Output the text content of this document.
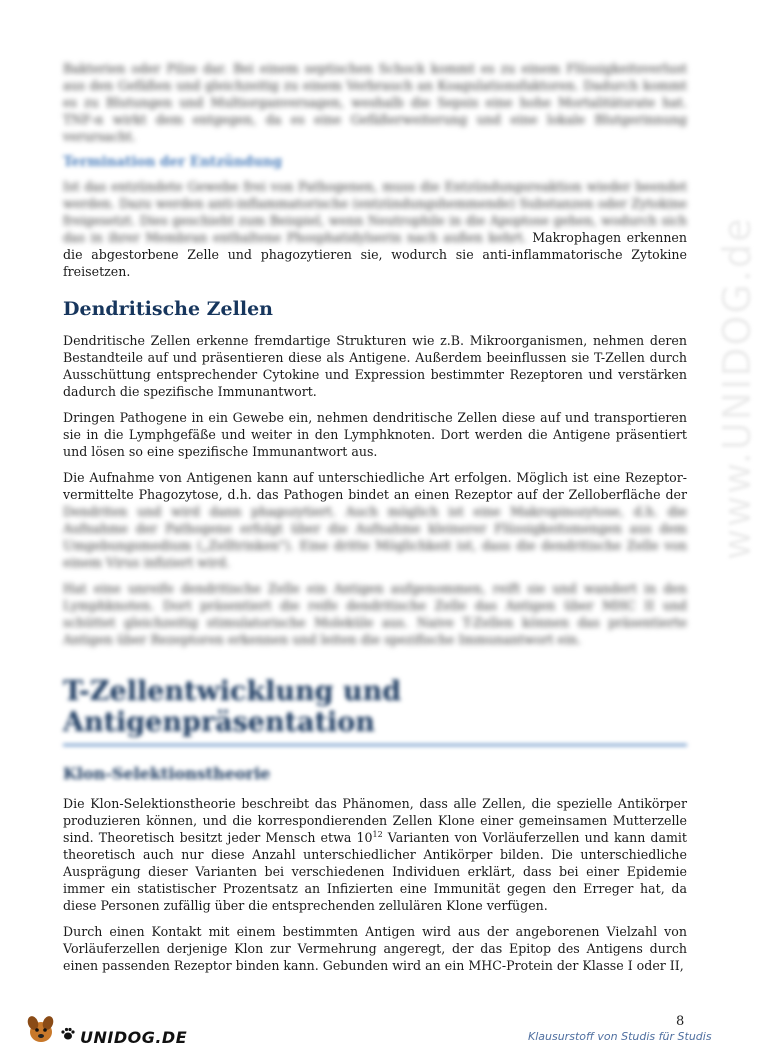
www.UNIDOG.de

Bakterien oder Pilze dar. Bei einem septischen Schock kommt es zu einem Flüssigkeitsverlust aus den Gefäßen und gleichzeitig zu einem Verbrauch an Koagulationsfaktoren. Dadurch kommt es zu Blutungen und Multiorganversagen, weshalb die Sepsis eine hohe Mortalitätsrate hat. TNF-α wirkt dem entgegen, da es eine Gefäßerweiterung und eine lokale Blutgerinnung verursacht.

Termination der Entzündung

Ist das entzündete Gewebe frei von Pathogenen, muss die Entzündungsreaktion wieder beendet werden. Dazu werden anti-inflammatorische (entzündungshemmende) Substanzen oder Zytokine freigesetzt. Dies geschieht zum Beispiel, wenn Neutrophile in die Apoptose gehen, wodurch sich das in ihrer Membran enthaltene Phosphatidylserin nach außen kehrt. Makrophagen erkennen die abgestorbene Zelle und phagozytieren sie, wodurch sie anti-inflammatorische Zytokine freisetzen.

Dendritische Zellen

Dendritische Zellen erkenne fremdartige Strukturen wie z.B. Mikroorganismen, nehmen deren Bestandteile auf und präsentieren diese als Antigene. Außerdem beeinflussen sie T-Zellen durch Ausschüttung entsprechender Cytokine und Expression bestimmter Rezeptoren und verstärken dadurch die spezifische Immunantwort.

Dringen Pathogene in ein Gewebe ein, nehmen dendritische Zellen diese auf und transportieren sie in die Lymphgefäße und weiter in den Lymphknoten. Dort werden die Antigene präsentiert und lösen so eine spezifische Immunantwort aus.

Die Aufnahme von Antigenen kann auf unterschiedliche Art erfolgen. Möglich ist eine Rezeptor-vermittelte Phagozytose, d.h. das Pathogen bindet an einen Rezeptor auf der Zelloberfläche der Dendriten und wird dann phagozytiert. Auch möglich ist eine Makropinozytose, d.h. die Aufnahme der Pathogene erfolgt über die Aufnahme kleinerer Flüssigkeitsmengen aus dem Umgebungsmedium („Zelltrinken"). Eine dritte Möglichkeit ist, dass die dendritische Zelle von einem Virus infiziert wird.

Hat eine unreife dendritische Zelle ein Antigen aufgenommen, reift sie und wandert in den Lymphknoten. Dort präsentiert die reife dendritische Zelle das Antigen über MHC II und schüttet gleichzeitig stimulatorische Moleküle aus. Naive T-Zellen können das präsentierte Antigen über Rezeptoren erkennen und leiten die spezifische Immunantwort ein.

T-Zellentwicklung und Antigenpräsentation
Klon-Selektionstheorie

Die Klon-Selektionstheorie beschreibt das Phänomen, dass alle Zellen, die spezielle Antikörper produzieren können, und die korrespondierenden Zellen Klone einer gemeinsamen Mutterzelle sind. Theoretisch besitzt jeder Mensch etwa $10^{12}$ Varianten von Vorläuferzellen und kann damit theoretisch auch nur diese Anzahl unterschiedlicher Antikörper bilden. Die unterschiedliche Ausprägung dieser Varianten bei verschiedenen Individuen erklärt, dass bei einer Epidemie immer ein statistischer Prozentsatz an Infizierten eine Immunität gegen den Erreger hat, da diese Personen zufällig über die entsprechenden zellulären Klone verfügen.

Durch einen Kontakt mit einem bestimmten Antigen wird aus der angeborenen Vielzahl von Vorläuferzellen derjenige Klon zur Vermehrung angeregt, der das Epitop des Antigens durch einen passenden Rezeptor binden kann. Gebunden wird an ein MHC-Protein der Klasse I oder II,

UNIDOG.DE
8
Klausurstoff von Studis für Studis
